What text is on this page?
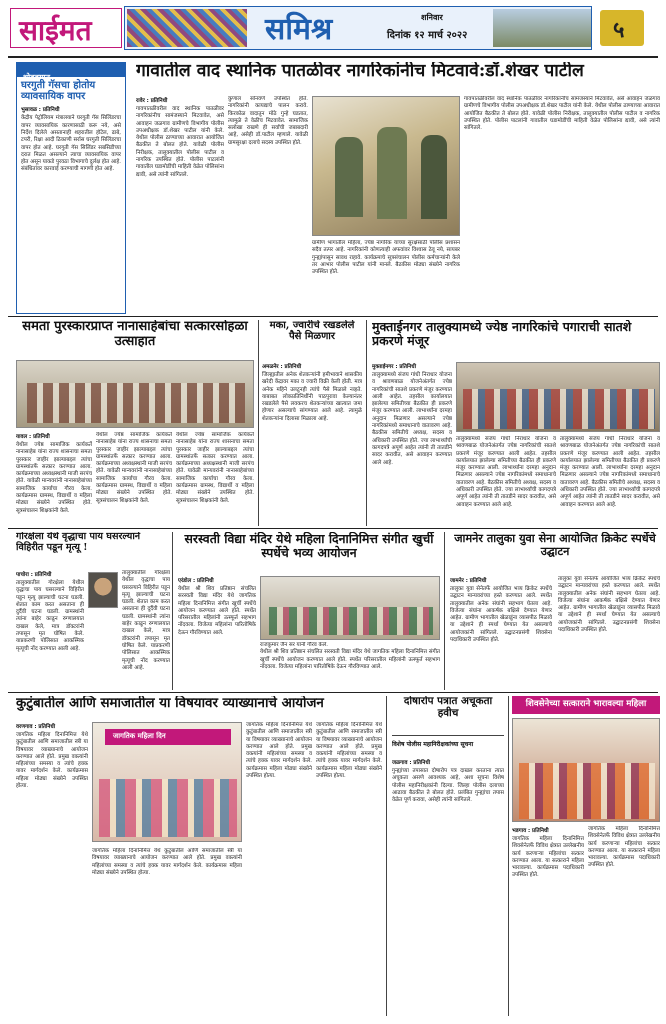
साईमत	समिश्र	शनिवार
दिनांक १२ मार्च २०२२	५
थोडक्यात...
घरगुती गॅसचा होतोय व्यावसायिक वापर
भुसावळ : प्रतिनिधी
केंद्रीय पेट्रोलियम मंत्रालयाने घरगुती गॅस सिलिंडरचा वापर व्यावसायिक कारणासाठी करू नये, असे निर्देश दिलेले असतानाही शहरातील हॉटेल, ढाबे, टपरी, रिक्षा आदी ठिकाणी सर्रास घरगुती सिलिंडरचा वापर होत आहे. घरगुती गॅस सिलिंडर सबसिडीच्या दरात मिळत असल्याने त्याचा व्यावसायिक वापर होत असून याकडे पुरवठा विभागाचे दुर्लक्ष होत आहे. संबंधितांवर कारवाई करण्याची मागणी होत आहे.
गावातील वाद स्थानिक पातळीवर नागरिकांनीच मिटवावे:डॉ.शेखर पाटील
रावेर : प्रतिनिधी
गावपातळीवरील वाद स्थानिक पातळीवर नागरिकांनीच सामंजस्याने मिटवावेत, असे आवाहन जळगाव ग्रामीणचे विभागीय पोलीस उपअधीक्षक डॉ.शेखर पाटील यांनी केले. येथील पोलीस ठाण्याच्या आवारात आयोजित बैठकीत ते बोलत होते. यावेळी पोलीस निरीक्षक, तालुक्यातील पोलीस पाटील व नागरिक उपस्थित होते. पोलीस पाटलांनी गावातील घडामोडींची माहिती वेळेत पोलिसांना द्यावी, असे त्यांनी सांगितले.
कुणाल सोनवणे उपस्थित होते. नागरिकांनी कायद्याचे पालन करावे. किरकोळ वादातून मोठे गुन्हे घडतात, त्यामुळे ते वेळीच मिटवावेत. सामाजिक सलोखा राखणे ही सर्वांची जबाबदारी आहे, असेही डॉ.पाटील म्हणाले. यावेळी ग्रामसुरक्षा दलाचे सदस्य उपस्थित होते.
ग्रामीण भागातील महिला, ज्येष्ठ नागरिक यांच्या सुरक्षेसाठी पोलीस प्रशासन सदैव तत्पर आहे. नागरिकांनी कोणत्याही अफवांवर विश्वास ठेवू नये, सायबर गुन्ह्यांपासून सावध राहावे. कार्यक्रमाचे सूत्रसंचालन पोलीस कर्मचाऱ्यांनी केले तर आभार पोलीस पाटील यांनी मानले. बैठकीस मोठ्या संख्येने नागरिक उपस्थित होते.
गावपातळीवरील वाद स्थानिक पातळीवर नागरिकांनीच सामंजस्याने मिटवावेत, असे आवाहन जळगाव ग्रामीणचे विभागीय पोलीस उपअधीक्षक डॉ.शेखर पाटील यांनी केले. येथील पोलीस ठाण्याच्या आवारात आयोजित बैठकीत ते बोलत होते. यावेळी पोलीस निरीक्षक, तालुक्यातील पोलीस पाटील व नागरिक उपस्थित होते. पोलीस पाटलांनी गावातील घडामोडींची माहिती वेळेत पोलिसांना द्यावी, असे त्यांनी सांगितले.
समता पुरस्कारप्राप्त नानासाहेबांचा सत्कारसोहळा उत्साहात
यावल : प्रतिनिधी
येथील ज्येष्ठ सामाजिक कार्यकर्ते नानासाहेब यांना राज्य शासनाचा समता पुरस्कार जाहीर झाल्याबद्दल त्यांचा ग्रामस्थांतर्फे सत्कार करण्यात आला. कार्यक्रमाच्या अध्यक्षस्थानी माजी सरपंच होते. यावेळी मान्यवरांनी नानासाहेबांच्या सामाजिक कार्याचा गौरव केला. कार्यक्रमास ग्रामस्थ, विद्यार्थी व महिला मोठ्या संख्येने उपस्थित होते. सूत्रसंचालन शिक्षकांनी केले.
येथील ज्येष्ठ सामाजिक कार्यकर्ते नानासाहेब यांना राज्य शासनाचा समता पुरस्कार जाहीर झाल्याबद्दल त्यांचा ग्रामस्थांतर्फे सत्कार करण्यात आला. कार्यक्रमाच्या अध्यक्षस्थानी माजी सरपंच होते. यावेळी मान्यवरांनी नानासाहेबांच्या सामाजिक कार्याचा गौरव केला. कार्यक्रमास ग्रामस्थ, विद्यार्थी व महिला मोठ्या संख्येने उपस्थित होते. सूत्रसंचालन शिक्षकांनी केले.
येथील ज्येष्ठ सामाजिक कार्यकर्ते नानासाहेब यांना राज्य शासनाचा समता पुरस्कार जाहीर झाल्याबद्दल त्यांचा ग्रामस्थांतर्फे सत्कार करण्यात आला. कार्यक्रमाच्या अध्यक्षस्थानी माजी सरपंच होते. यावेळी मान्यवरांनी नानासाहेबांच्या सामाजिक कार्याचा गौरव केला. कार्यक्रमास ग्रामस्थ, विद्यार्थी व महिला मोठ्या संख्येने उपस्थित होते. सूत्रसंचालन शिक्षकांनी केले.
मका, ज्वारीचे रखडलेले पैसे मिळणार
अमळनेर : प्रतिनिधी
जिल्ह्यातील अनेक शेतकऱ्यांनी हमीभावाने शासकीय खरेदी केंद्रावर मका व ज्वारी विक्री केली होती. मात्र अनेक महिने उलटूनही त्यांचे पैसे मिळाले नव्हते. याबाबत लोकप्रतिनिधींनी पाठपुरावा केल्यानंतर रखडलेले पैसे लवकरच शेतकऱ्यांच्या खात्यात जमा होणार असल्याचे सांगण्यात आले आहे. त्यामुळे शेतकऱ्यांना दिलासा मिळाला आहे.
मुक्ताईनगर तालुक्यामध्ये ज्येष्ठ नागरिकांचे पगाराची सातशे प्रकरणे मंजूर
मुक्ताईनगर : प्रतिनिधी
तालुक्यामध्ये संजय गांधी निराधार योजना व श्रावणबाळ योजनेअंतर्गत ज्येष्ठ नागरिकांची सातशे प्रकरणे मंजूर करण्यात आली आहेत. तहसील कार्यालयात झालेल्या समितीच्या बैठकीत ही प्रकरणे मंजूर करण्यात आली. लाभार्थ्यांना दरमहा अनुदान मिळणार असल्याने ज्येष्ठ नागरिकांमध्ये समाधानाचे वातावरण आहे. बैठकीस समितीचे अध्यक्ष, सदस्य व अधिकारी उपस्थित होते. ज्या लाभार्थ्यांची कागदपत्रे अपूर्ण आहेत त्यांनी ती तातडीने सादर करावीत, असे आवाहन करण्यात आले आहे.
तालुक्यामध्ये संजय गांधी निराधार योजना व श्रावणबाळ योजनेअंतर्गत ज्येष्ठ नागरिकांची सातशे प्रकरणे मंजूर करण्यात आली आहेत. तहसील कार्यालयात झालेल्या समितीच्या बैठकीत ही प्रकरणे मंजूर करण्यात आली. लाभार्थ्यांना दरमहा अनुदान मिळणार असल्याने ज्येष्ठ नागरिकांमध्ये समाधानाचे वातावरण आहे. बैठकीस समितीचे अध्यक्ष, सदस्य व अधिकारी उपस्थित होते. ज्या लाभार्थ्यांची कागदपत्रे अपूर्ण आहेत त्यांनी ती तातडीने सादर करावीत, असे आवाहन करण्यात आले आहे.
तालुक्यामध्ये संजय गांधी निराधार योजना व श्रावणबाळ योजनेअंतर्गत ज्येष्ठ नागरिकांची सातशे प्रकरणे मंजूर करण्यात आली आहेत. तहसील कार्यालयात झालेल्या समितीच्या बैठकीत ही प्रकरणे मंजूर करण्यात आली. लाभार्थ्यांना दरमहा अनुदान मिळणार असल्याने ज्येष्ठ नागरिकांमध्ये समाधानाचे वातावरण आहे. बैठकीस समितीचे अध्यक्ष, सदस्य व अधिकारी उपस्थित होते. ज्या लाभार्थ्यांची कागदपत्रे अपूर्ण आहेत त्यांनी ती तातडीने सादर करावीत, असे आवाहन करण्यात आले आहे.
गोरक्षेला येथे वृद्धाचा पाय घसरल्याने विहिरीत पडून मृत्यू !
पाचोरा : प्रतिनिधी
तालुक्यातील गोरक्षेला येथील वृद्धाचा पाय घसरल्याने विहिरीत पडून मृत्यू झाल्याची घटना घडली. शेतात काम करत असताना ही दुर्दैवी घटना घडली. ग्रामस्थांनी त्यांना बाहेर काढून रुग्णालयात दाखल केले, मात्र डॉक्टरांनी तपासून मृत घोषित केले. याप्रकरणी पोलिसात आकस्मिक मृत्यूची नोंद करण्यात आली आहे.
तालुक्यातील गोरक्षेला येथील वृद्धाचा पाय घसरल्याने विहिरीत पडून मृत्यू झाल्याची घटना घडली. शेतात काम करत असताना ही दुर्दैवी घटना घडली. ग्रामस्थांनी त्यांना बाहेर काढून रुग्णालयात दाखल केले, मात्र डॉक्टरांनी तपासून मृत घोषित केले. याप्रकरणी पोलिसात आकस्मिक मृत्यूची नोंद करण्यात आली आहे.
सरस्वती विद्या मंदिर येथे महिला दिनानिमित्त संगीत खुर्ची स्पर्धेचे भव्य आयोजन
एरंडोल : प्रतिनिधी
येथील श्री शिव प्रतिष्ठान संचलित सरस्वती विद्या मंदिर येथे जागतिक महिला दिनानिमित्त संगीत खुर्ची स्पर्धेचे आयोजन करण्यात आले होते. स्पर्धेत परिसरातील महिलांनी उत्स्फूर्त सहभाग नोंदवला. विजेत्या महिलांना पारितोषिके देऊन गौरविण्यात आले.
राजकुमार जैन सर यांनी गौरव केले.
येथील श्री शिव प्रतिष्ठान संचलित सरस्वती विद्या मंदिर येथे जागतिक महिला दिनानिमित्त संगीत खुर्ची स्पर्धेचे आयोजन करण्यात आले होते. स्पर्धेत परिसरातील महिलांनी उत्स्फूर्त सहभाग नोंदवला. विजेत्या महिलांना पारितोषिके देऊन गौरविण्यात आले.
जामनेर तालुका युवा सेना आयोजित क्रिकेट स्पर्धेचे उद्घाटन
जामनेर : प्रतिनिधी
तालुका युवा सेनेतर्फे आयोजित भव्य क्रिकेट स्पर्धेचे उद्घाटन मान्यवरांच्या हस्ते करण्यात आले. स्पर्धेत तालुक्यातील अनेक संघांनी सहभाग घेतला आहे. विजेत्या संघांना आकर्षक बक्षिसे देण्यात येणार आहेत. ग्रामीण भागातील खेळाडूंना व्यासपीठ मिळावे या उद्देशाने ही स्पर्धा घेण्यात येत असल्याचे आयोजकांनी सांगितले. उद्घाटनप्रसंगी शिवसेना पदाधिकारी उपस्थित होते.
तालुका युवा सेनेतर्फे आयोजित भव्य क्रिकेट स्पर्धेचे उद्घाटन मान्यवरांच्या हस्ते करण्यात आले. स्पर्धेत तालुक्यातील अनेक संघांनी सहभाग घेतला आहे. विजेत्या संघांना आकर्षक बक्षिसे देण्यात येणार आहेत. ग्रामीण भागातील खेळाडूंना व्यासपीठ मिळावे या उद्देशाने ही स्पर्धा घेण्यात येत असल्याचे आयोजकांनी सांगितले. उद्घाटनप्रसंगी शिवसेना पदाधिकारी उपस्थित होते.
कुटुंबातील आणि समाजातील या विषयावर व्याख्यानाचे आयोजन
वरणगाव : प्रतिनिधी
जागतिक महिला दिनानिमित्त येथे कुटुंबातील आणि समाजातील स्त्री या विषयावर व्याख्यानाचे आयोजन करण्यात आले होते. प्रमुख वक्त्यांनी महिलांच्या समस्या व त्यांचे हक्क यावर मार्गदर्शन केले. कार्यक्रमास महिला मोठ्या संख्येने उपस्थित होत्या.
जागतिक महिला दिन
जागतिक महिला दिनानिमित्त येथे कुटुंबातील आणि समाजातील स्त्री या विषयावर व्याख्यानाचे आयोजन करण्यात आले होते. प्रमुख वक्त्यांनी महिलांच्या समस्या व त्यांचे हक्क यावर मार्गदर्शन केले. कार्यक्रमास महिला मोठ्या संख्येने उपस्थित होत्या.
जागतिक महिला दिनानिमित्त येथे कुटुंबातील आणि समाजातील स्त्री या विषयावर व्याख्यानाचे आयोजन करण्यात आले होते. प्रमुख वक्त्यांनी महिलांच्या समस्या व त्यांचे हक्क यावर मार्गदर्शन केले. कार्यक्रमास महिला मोठ्या संख्येने उपस्थित होत्या.
जागतिक महिला दिनानिमित्त येथे कुटुंबातील आणि समाजातील स्त्री या विषयावर व्याख्यानाचे आयोजन करण्यात आले होते. प्रमुख वक्त्यांनी महिलांच्या समस्या व त्यांचे हक्क यावर मार्गदर्शन केले. कार्यक्रमास महिला मोठ्या संख्येने उपस्थित होत्या.
दोषारोप पत्रात अचूकता हवीच
विशेष पोलीस महानिरीक्षकांच्या सूचना
जळगाव : प्रतिनिधी
गुन्ह्यांच्या तपासात दोषारोप पत्र दाखल करताना त्यात अचूकता असणे आवश्यक आहे, अशा सूचना विशेष पोलीस महानिरीक्षकांनी दिल्या. जिल्हा पोलीस दलाच्या आढावा बैठकीत ते बोलत होते. प्रलंबित गुन्ह्यांचा तपास वेळेत पूर्ण करावा, असेही त्यांनी सांगितले.
शिवसेनेच्या सत्काराने भारावल्या महिला
भडगाव : प्रतिनिधी
जागतिक महिला दिनानिमित्त शिवसेनेतर्फे विविध क्षेत्रात उल्लेखनीय कार्य करणाऱ्या महिलांचा सत्कार करण्यात आला. या सत्काराने महिला भारावल्या. कार्यक्रमास पदाधिकारी उपस्थित होते.
जागतिक महिला दिनानिमित्त शिवसेनेतर्फे विविध क्षेत्रात उल्लेखनीय कार्य करणाऱ्या महिलांचा सत्कार करण्यात आला. या सत्काराने महिला भारावल्या. कार्यक्रमास पदाधिकारी उपस्थित होते.
